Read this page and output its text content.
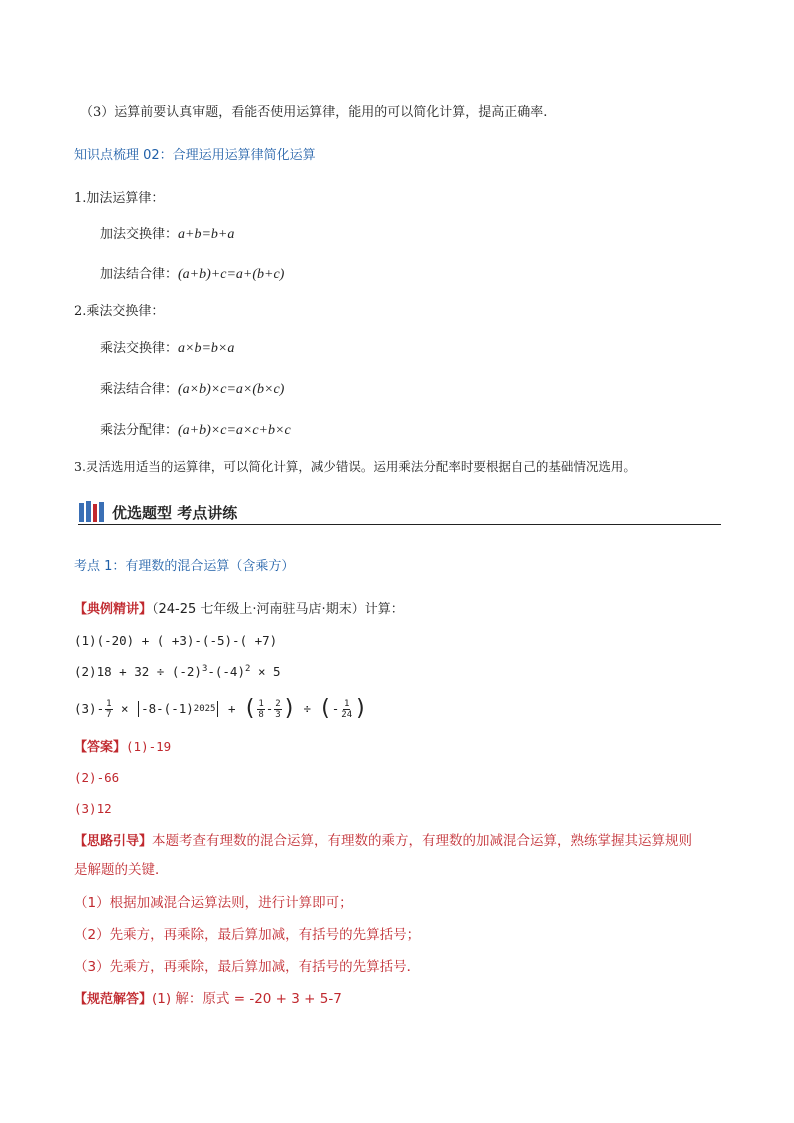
（3）运算前要认真审题，看能否使用运算律，能用的可以简化计算，提高正确率.
知识点梳理 02：合理运用运算律简化运算
1.加法运算律：
加法交换律：a+b=b+a
加法结合律：(a+b)+c=a+(b+c)
2.乘法交换律：
乘法交换律：a×b=b×a
乘法结合律：(a×b)×c=a×(b×c)
乘法分配律：(a+b)×c=a×c+b×c
3.灵活选用适当的运算律，可以简化计算，减少错误。运用乘法分配率时要根据自己的基础情况选用。
优选题型 考点讲练
考点 1：有理数的混合运算（含乘方）
【典例精讲】（24-25 七年级上·河南驻马店·期末）计算：
(1)(-20) + ( +3)-(-5)-( +7)
$(2)18 + 32 \div (-2)^3-(-4)^2 \times 5$
$(3)- \frac{1}{7} \times -8-(-1) 2025$ + ( $\frac{1}{8} - \frac{2}{3}$ ) ÷ ( - $\frac{1}{24}$ )
【答案】(1)-19
(2)-66
(3)12
【思路引导】本题考查有理数的混合运算，有理数的乘方，有理数的加减混合运算，熟练掌握其运算规则
是解题的关键．
（1）根据加减混合运算法则，进行计算即可；
（2）先乘方，再乘除，最后算加减，有括号的先算括号；
（3）先乘方，再乘除，最后算加减，有括号的先算括号．
【规范解答】(1) 解：原式 = -20 + 3 + 5-7
